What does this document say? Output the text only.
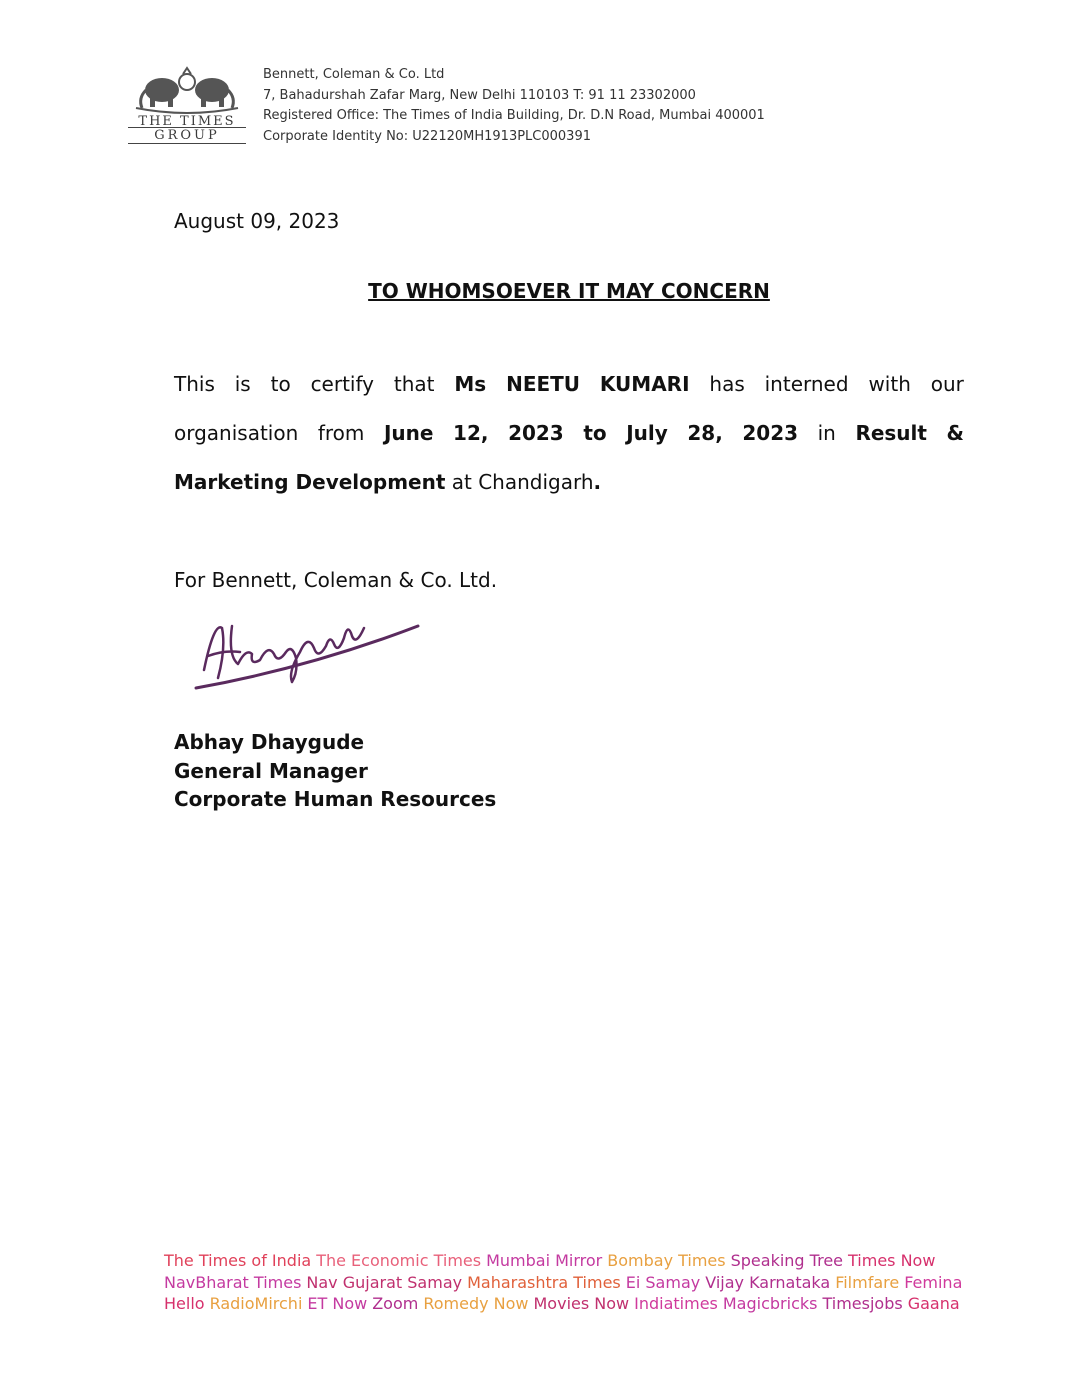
THE TIMES
GROUP
Bennett, Coleman & Co. Ltd
7, Bahadurshah Zafar Marg, New Delhi 110103 T: 91 11 23302000
Registered Office: The Times of India Building, Dr. D.N Road, Mumbai 400001
Corporate Identity No: U22120MH1913PLC000391
August 09, 2023
TO WHOMSOEVER IT MAY CONCERN
This is to certify that Ms NEETU KUMARI has interned with our
organisation from June 12, 2023 to July 28, 2023 in Result &
Marketing Development at Chandigarh.
For Bennett, Coleman & Co. Ltd.
Abhay Dhaygude
General Manager
Corporate Human Resources
The Times of India The Economic Times Mumbai Mirror Bombay Times Speaking Tree Times Now
NavBharat Times Nav Gujarat Samay Maharashtra Times Ei Samay Vijay Karnataka Filmfare Femina
Hello RadioMirchi ET Now Zoom Romedy Now Movies Now Indiatimes Magicbricks Timesjobs Gaana
